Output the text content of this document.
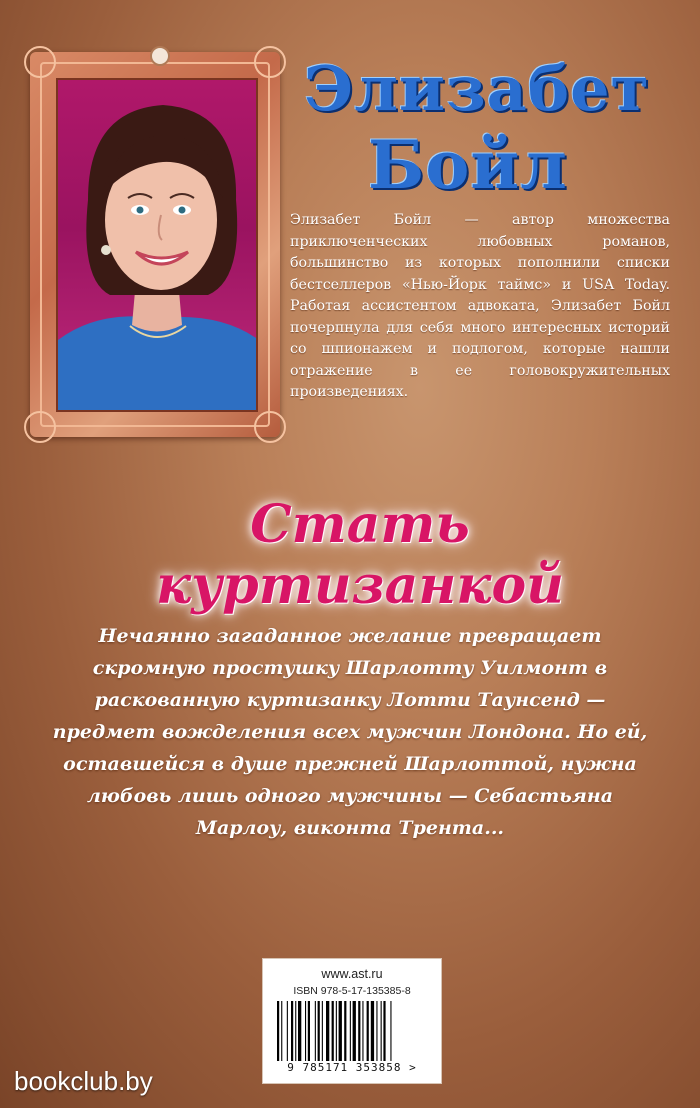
Элизабет
Бойл
Элизабет Бойл — автор множества приключенческих любовных романов, большинство из которых пополнили списки бестселлеров «Нью-Йорк таймс» и USA Today. Работая ассистентом адвоката, Элизабет Бойл почерпнула для себя много интересных историй со шпионажем и подлогом, которые нашли отражение в ее головокружительных произведениях.
Стать куртизанкой
Нечаянно загаданное желание превращает скромную простушку Шарлотту Уилмонт в раскованную куртизанку Лотти Таунсенд — предмет вожделения всех мужчин Лондона. Но ей, оставшейся в душе прежней Шарлоттой, нужна любовь лишь одного мужчины — Себастьяна Марлоу, виконта Трента...
www.ast.ru
ISBN 978-5-17-135385-8
9 785171 353858 >
bookclub.by
